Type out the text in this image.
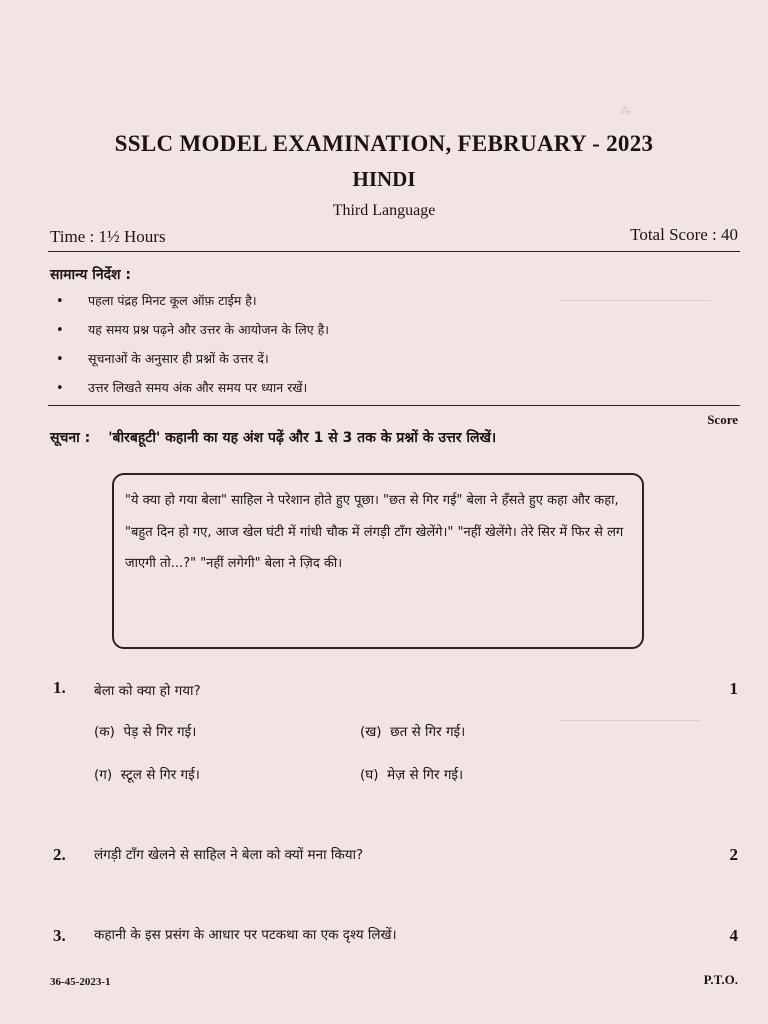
⁂
SSLC MODEL EXAMINATION, FEBRUARY - 2023
HINDI
Third Language
Time : 1½ Hours	Total Score : 40
सामान्य निर्देश :
• पहला पंद्रह मिनट कूल ऑफ़ टाईम है।
• यह समय प्रश्न पढ़ने और उत्तर के आयोजन के लिए है।
• सूचनाओं के अनुसार ही प्रश्नों के उत्तर दें।
• उत्तर लिखते समय अंक और समय पर ध्यान रखें।
Score
सूचना : 'बीरबहूटी' कहानी का यह अंश पढ़ें और 1 से 3 तक के प्रश्नों के उत्तर लिखें।
"ये क्या हो गया बेला" साहिल ने परेशान होते हुए पूछा। "छत से गिर गई" बेला ने हँसते हुए कहा और कहा, "बहुत दिन हो गए, आज खेल घंटी में गांधी चौक में लंगड़ी टाँग खेलेंगे।" "नहीं खेलेंगे। तेरे सिर में फिर से लग जाएगी तो...?" "नहीं लगेगी" बेला ने ज़िद की।
1. बेला को क्या हो गया?	1
(क) पेड़ से गिर गई।	(ख) छत से गिर गई।
(ग) स्टूल से गिर गई।	(घ) मेज़ से गिर गई।
2. लंगड़ी टाँग खेलने से साहिल ने बेला को क्यों मना किया?	2
3. कहानी के इस प्रसंग के आधार पर पटकथा का एक दृश्य लिखें।	4
36-45-2023-1	P.T.O.
